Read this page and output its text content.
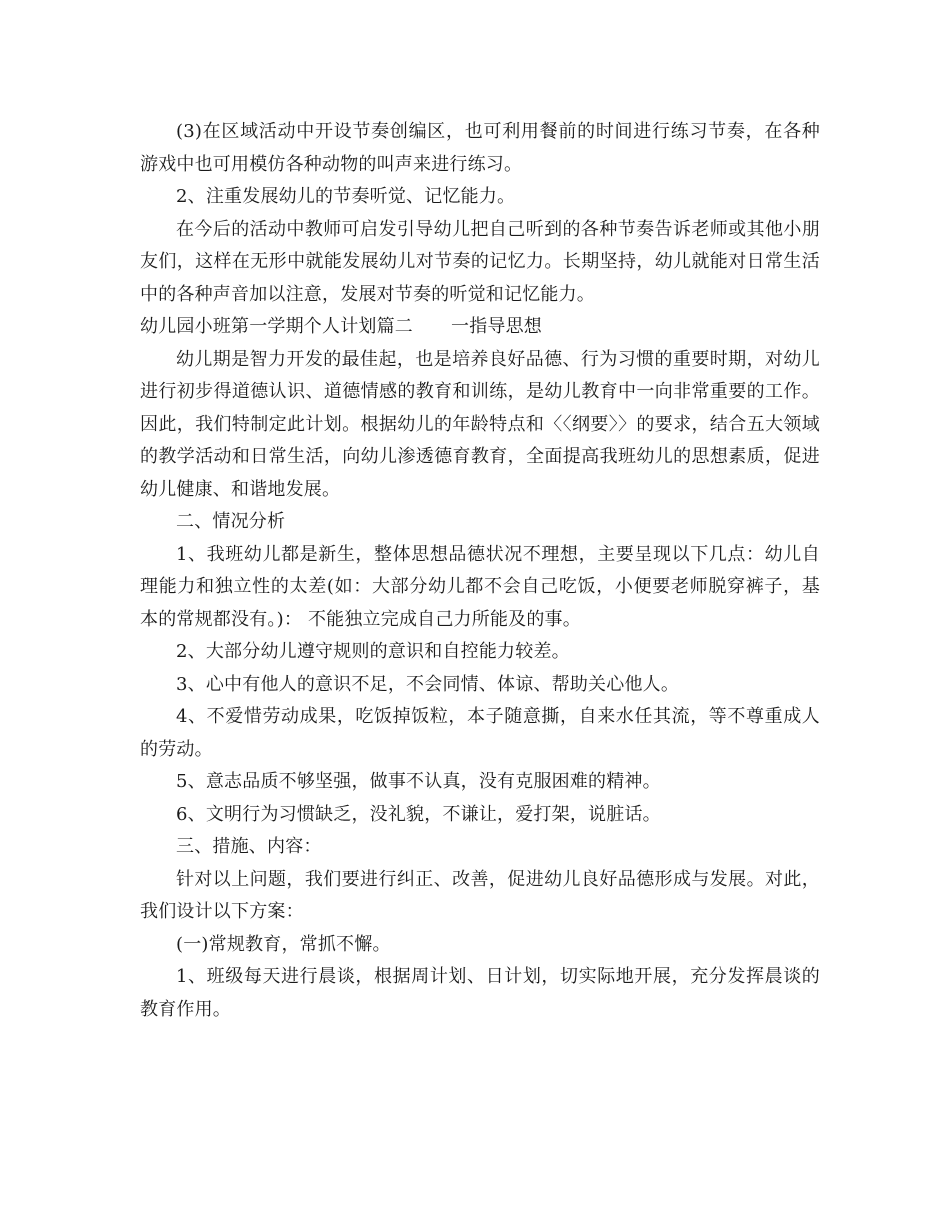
(3)在区域活动中开设节奏创编区，也可利用餐前的时间进行练习节奏，在各种游戏中也可用模仿各种动物的叫声来进行练习。

2、注重发展幼儿的节奏听觉、记忆能力。

在今后的活动中教师可启发引导幼儿把自己听到的各种节奏告诉老师或其他小朋友们，这样在无形中就能发展幼儿对节奏的记忆力。长期坚持，幼儿就能对日常生活中的各种声音加以注意，发展对节奏的听觉和记忆能力。

幼儿园小班第一学期个人计划篇二 一指导思想

幼儿期是智力开发的最佳起，也是培养良好品德、行为习惯的重要时期，对幼儿进行初步得道德认识、道德情感的教育和训练，是幼儿教育中一向非常重要的工作。因此，我们特制定此计划。根据幼儿的年龄特点和〈〈纲要〉〉的要求，结合五大领域的教学活动和日常生活，向幼儿渗透德育教育，全面提高我班幼儿的思想素质，促进幼儿健康、和谐地发展。

二、情况分析

1、我班幼儿都是新生，整体思想品德状况不理想，主要呈现以下几点：幼儿自理能力和独立性的太差(如：大部分幼儿都不会自己吃饭，小便要老师脱穿裤子，基本的常规都没有。)： 不能独立完成自己力所能及的事。

2、大部分幼儿遵守规则的意识和自控能力较差。

3、心中有他人的意识不足，不会同情、体谅、帮助关心他人。

4、不爱惜劳动成果，吃饭掉饭粒，本子随意撕，自来水任其流，等不尊重成人的劳动。

5、意志品质不够坚强，做事不认真，没有克服困难的精神。

6、文明行为习惯缺乏，没礼貌，不谦让，爱打架，说脏话。

三、措施、内容：

针对以上问题，我们要进行纠正、改善，促进幼儿良好品德形成与发展。对此，我们设计以下方案：

(一)常规教育，常抓不懈。

1、班级每天进行晨谈，根据周计划、日计划，切实际地开展，充分发挥晨谈的教育作用。
